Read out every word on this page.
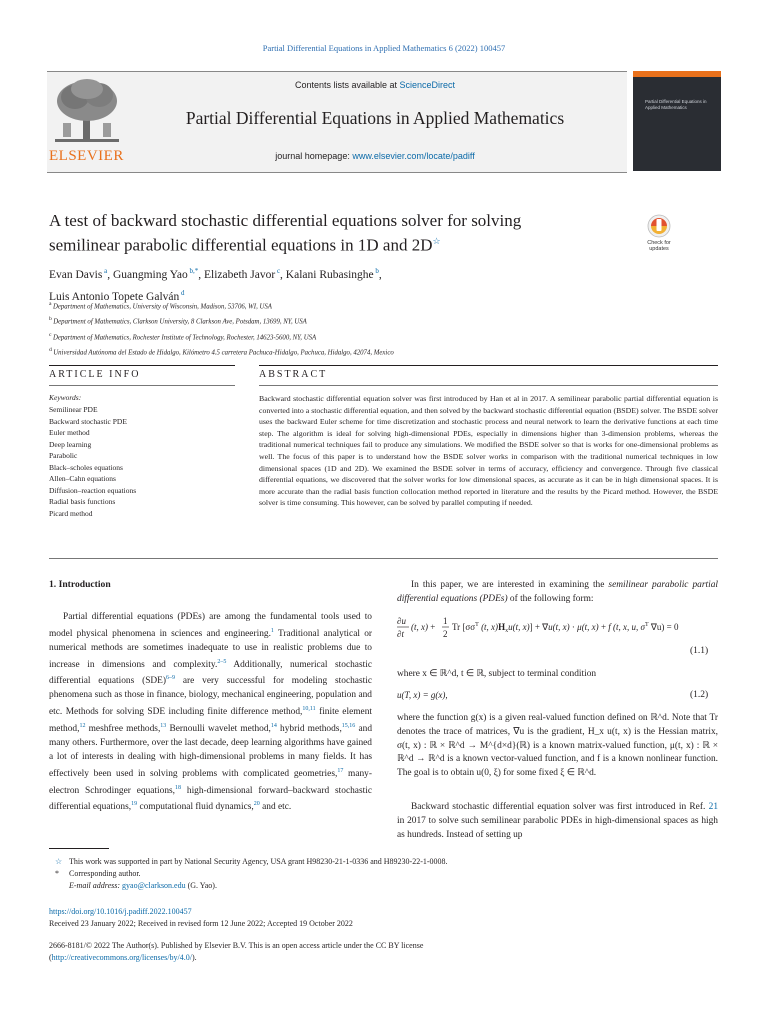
Partial Differential Equations in Applied Mathematics 6 (2022) 100457
ELSEVIER
Contents lists available at ScienceDirect
Partial Differential Equations in Applied Mathematics
journal homepage: www.elsevier.com/locate/padiff
Partial Differential Equations in Applied Mathematics
A test of backward stochastic differential equations solver for solving
semilinear parabolic differential equations in 1D and 2D☆	Check for updates
Evan Davis $^a$, Guangming Yao $^{b,*}$, Elizabeth Javor $^c$, Kalani Rubasinghe $^b$,
Luis Antonio Topete Galván $^d$
$^a$ Department of Mathematics, University of Wisconsin, Madison, 53706, WI, USA
$^b$ Department of Mathematics, Clarkson University, 8 Clarkson Ave, Potsdam, 13699, NY, USA
$^c$ Department of Mathematics, Rochester Institute of Technology, Rochester, 14623-5600, NY, USA
$^d$ Universidad Autónoma del Estado de Hidalgo, Kilómetro 4.5 carretera Pachuca-Hidalgo, Pachuca, Hidalgo, 42074, Mexico
ARTICLE INFO	ABSTRACT
Keywords:
Semilinear PDE
Backward stochastic PDE
Euler method
Deep learning
Parabolic
Black–scholes equations
Allen–Cahn equations
Diffusion–reaction equations
Radial basis functions
Picard method
Backward stochastic differential equation solver was first introduced by Han et al in 2017. A semilinear parabolic partial differential equation is converted into a stochastic differential equation, and then solved by the backward stochastic differential equation (BSDE) solver. The BSDE solver uses the backward Euler scheme for time discretization and stochastic process and neural network to learn the derivative functions at each time step. The algorithm is ideal for solving high-dimensional PDEs, especially in dimensions higher than 3-dimension problems, whereas the traditional numerical techniques fail to produce any simulations. We modified the BSDE solver so that is works for one-dimensional problems as well. The focus of this paper is to understand how the BSDE solver works in comparison with the traditional numerical techniques in low dimensional spaces (1D and 2D). We examined the BSDE solver in terms of accuracy, efficiency and convergence. Through five classical differential equations, we discovered that the solver works for low dimensional spaces, as accurate as it can be in high dimensional spaces. It is more accurate than the radial basis function collocation method reported in literature and the results by the Picard method. However, the BSDE solver is time consuming. This however, can be solved by parallel computing if needed.
1. Introduction
Partial differential equations (PDEs) are among the fundamental tools used to model physical phenomena in sciences and engineering.$^1$ Traditional analytical or numerical methods are sometimes inadequate to use in realistic problems due to increase in dimensions and complexity.$^{2-5}$ Additionally, numerical stochastic differential equations (SDE)$^{6-9}$ are very successful for modeling stochastic phenomena such as those in finance, biology, mechanical engineering, population and etc. Methods for solving SDE including finite difference method,$^{10,11}$ finite element method,$^{12}$ meshfree methods,$^{13}$ Bernoulli wavelet method,$^{14}$ hybrid methods,$^{15,16}$ and many others. Furthermore, over the last decade, deep learning algorithms have gained a lot of interests in dealing with high-dimensional problems in many fields. It has effectively been used in solving problems with complicated geometries,$^{17}$ many-electron Schrodinger equations,$^{18}$ high-dimensional forward–backward stochastic differential equations,$^{19}$ computational fluid dynamics,$^{20}$ and etc.
In this paper, we are interested in examining the semilinear parabolic partial differential equations (PDEs) of the following form:
∂u
∂t
(t, x) +
1
2
Tr [$\sigma\sigma^T$ (t, $x)H_xu(t$, x)] + ∇u(t, x) · μ(t, x) + f (t, x, u, $\sigma^T$ ∇u) = 0
(1.1)
where x ∈ ℝ^d, t ∈ ℝ, subject to terminal condition
u(T, x) = g(x),	(1.2)
where the function g(x) is a given real-valued function defined on ℝ^d. Note that Tr denotes the trace of matrices, ∇u is the gradient, H_x u(t, x) is the Hessian matrix, σ(t, x) : ℝ × ℝ^d → M^{d×d}(ℝ) is a known matrix-valued function, μ(t, x) : ℝ × ℝ^d → ℝ^d is a known vector-valued function, and f is a known nonlinear function. The goal is to obtain u(0, ξ) for some fixed ξ ∈ ℝ^d.
Backward stochastic differential equation solver was first introduced in Ref. 21 in 2017 to solve such semilinear parabolic PDEs in high-dimensional spaces as high as hundreds. Instead of setting up
☆ This work was supported in part by National Security Agency, USA grant H98230-21-1-0336 and H89230-22-1-0008.
* Corresponding author.
E-mail address: gyao@clarkson.edu (G. Yao).
https://doi.org/10.1016/j.padiff.2022.100457
Received 23 January 2022; Received in revised form 12 June 2022; Accepted 19 October 2022
2666-8181/© 2022 The Author(s). Published by Elsevier B.V. This is an open access article under the CC BY license
(http://creativecommons.org/licenses/by/4.0/).
